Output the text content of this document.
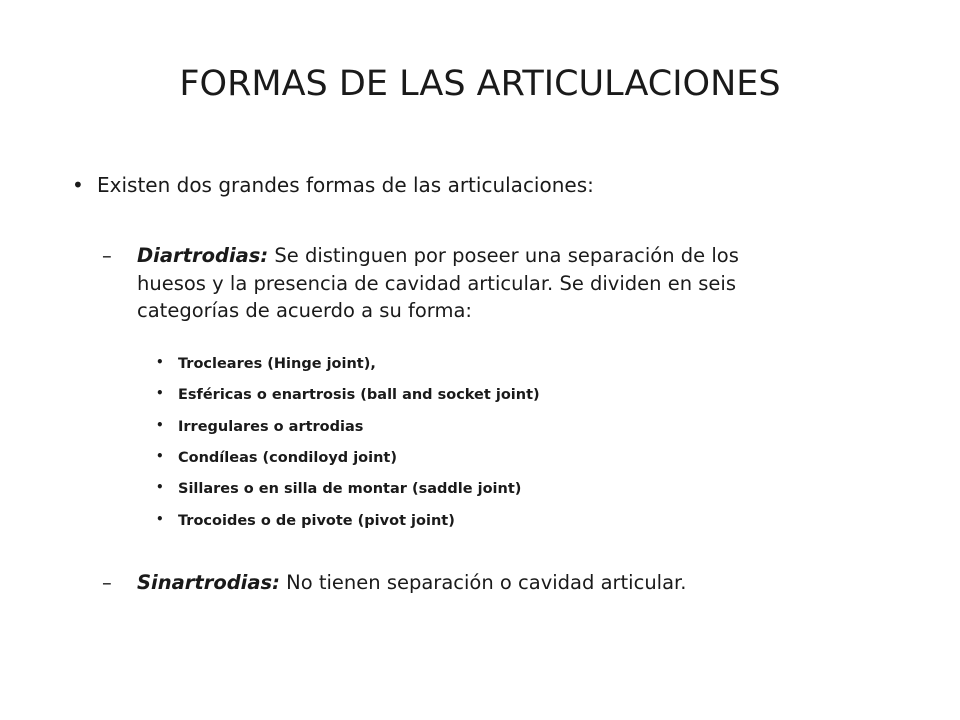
FORMAS DE LAS ARTICULACIONES
• Existen dos grandes formas de las articulaciones:
– Diartrodias: Se distinguen por poseer una separación de los huesos y la presencia de cavidad articular. Se dividen en seis categorías de acuerdo a su forma:
• Trocleares (Hinge joint),
• Esféricas o enartrosis (ball and socket joint)
• Irregulares o artrodias
• Condíleas (condiloyd joint)
• Sillares o en silla de montar (saddle joint)
• Trocoides o de pivote (pivot joint)
– Sinartrodias: No tienen separación o cavidad articular.
